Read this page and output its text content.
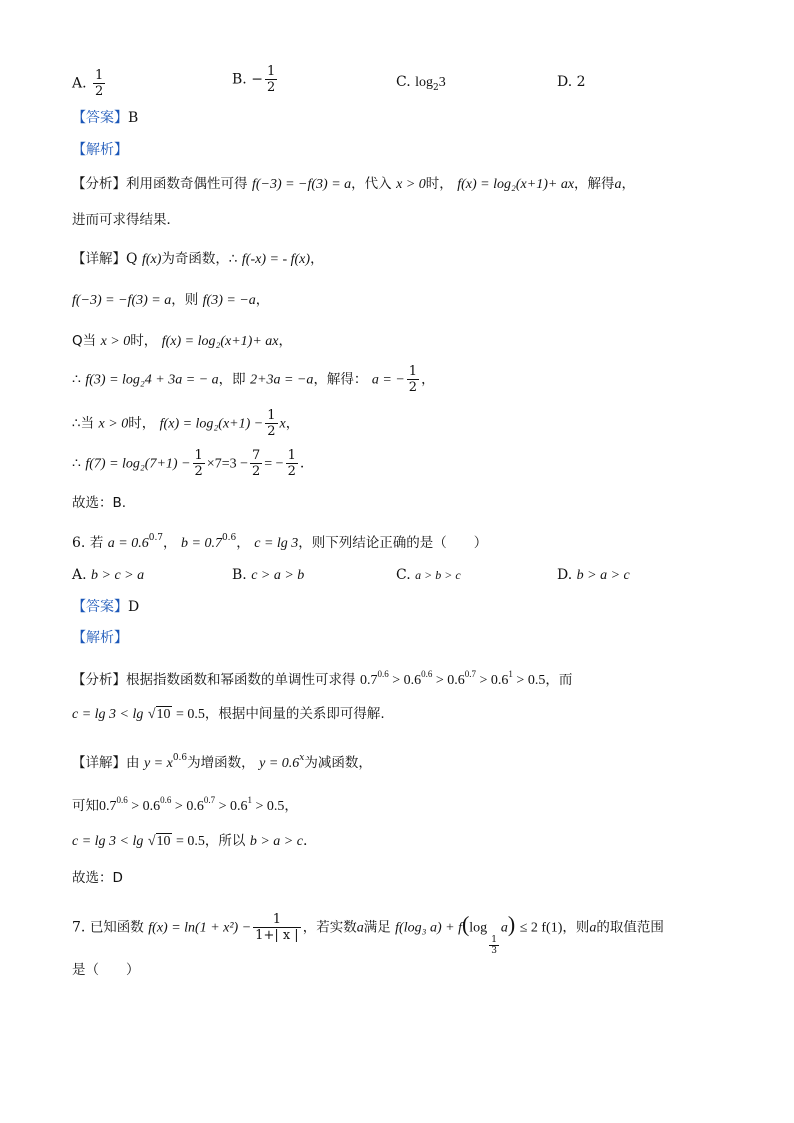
A. $\frac{1}{2}$	B. − $\frac{1}{2}$	C. $\log_23$	D. 2
【答案】B
【解析】
【分析】利用函数奇偶性可得 f(−3) = −f(3) = a，代入 x > 0时， f(x) = log₂(x+1)+ ax，解得a，
进而可求得结果．
【详解】Q f(x)为奇函数，∴ f(-x) = - f(x)，
f(−3) = −f(3) = a，则 f(3) = −a，
Q当 x > 0时， f(x) = log₂(x+1)+ ax，
∴ f(3) = log₂4 + 3a = − a，即 2+3a = −a，解得： a = − $\frac{1}{2}$ ，
∴当 x > 0时， $f(x) = \log_2(x+1) - \frac{1}{2}$ x，
∴ $f(7) = \log_2(7+1) - \frac{1}{2} \times 7=3 - \frac{7}{2}$ = − $\frac{1}{2}$ .
故选：B.
6. 若 $a = 0.6^{0.7}$， $b = 0.7^{0.6}$， c = lg 3，则下列结论正确的是（　　）
A. b > c > a	B. c > a > b	C. a > b > c	D. b > a > c
【答案】D
【解析】
【分析】根据指数函数和幂函数的单调性可求得 $0.7^{0.6} > 0.6^{0.6} > 0.6^{0.7} > 0.6^1 > 0.5$，而
c = lg 3 < lg √10 = 0.5，根据中间量的关系即可得解.
【详解】由 $y = x^{0.6}$为增函数， $y = 0.6^x$为减函数，
可知$0.7^{0.6} > 0.6^{0.6} > 0.6^{0.7} > 0.6^1 > 0.5$，
c = lg 3 < lg √10 = 0.5，所以 b > a > c.
故选：D
7. 已知函数 $f(x) = \ln(1 + x^2) - \frac{1}{1+| x |}$ ，若实数a满足 f(log₃ a) + f(log
$\frac{1}{3}$
a) ≤ 2 f(1)，则a的取值范围
是（　　）
